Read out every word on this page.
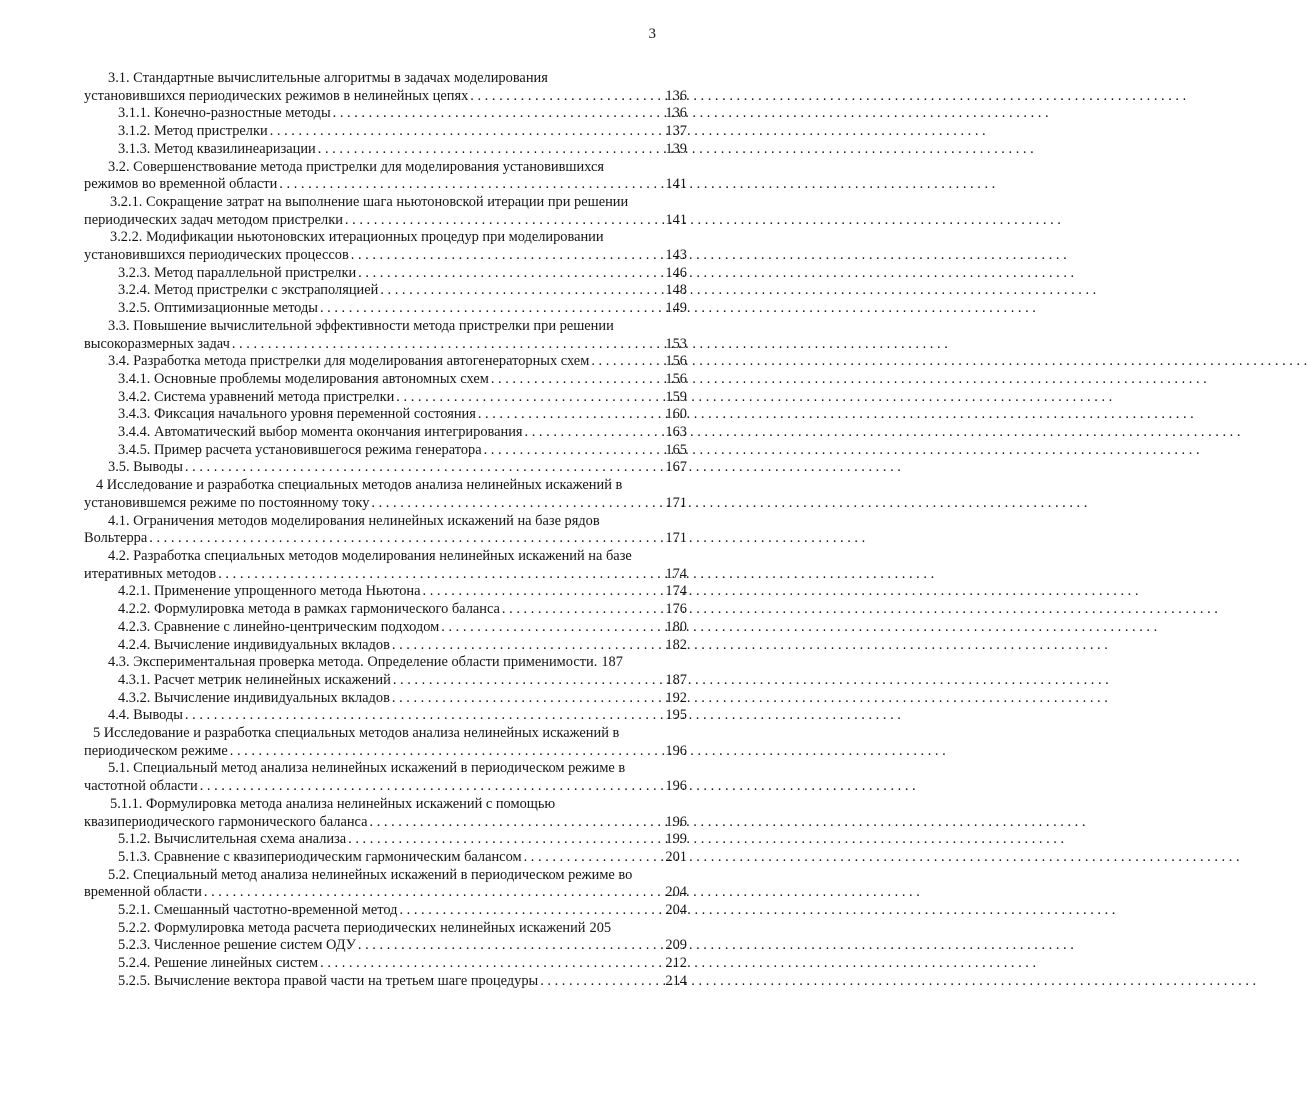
3
3.1. Стандартные вычислительные алгоритмы в задачах моделирования
установившихся периодических режимов в нелинейных цепях . . .	136
3.1.1. Конечно-разностные методы . . .	136
3.1.2. Метод пристрелки . . .	137
3.1.3. Метод квазилинеаризации . . .	139
3.2. Совершенствование метода пристрелки для моделирования установившихся
режимов во временной области . . .	141
3.2.1. Сокращение затрат на выполнение шага ньютоновской итерации при решении
периодических задач методом пристрелки . . .	141
3.2.2. Модификации ньютоновских итерационных процедур при моделировании
установившихся периодических процессов . . .	143
3.2.3. Метод параллельной пристрелки . . .	146
3.2.4. Метод пристрелки с экстраполяцией . . .	148
3.2.5. Оптимизационные методы . . .	149
3.3. Повышение вычислительной эффективности метода пристрелки при решении
высокоразмерных задач . . .	153
3.4. Разработка метода пристрелки для моделирования автогенераторных схем . . .	156
3.4.1. Основные проблемы моделирования автономных схем . . .	156
3.4.2. Система уравнений метода пристрелки . . .	159
3.4.3. Фиксация начального уровня переменной состояния . . .	160
3.4.4. Автоматический выбор момента окончания интегрирования . . .	163
3.4.5. Пример расчета установившегося режима генератора . . .	165
3.5. Выводы . . .	167
4 Исследование и разработка специальных методов анализа нелинейных искажений в
установившемся режиме по постоянному току . . .	171
4.1. Ограничения методов моделирования нелинейных искажений на базе рядов
Вольтерра . . .	171
4.2. Разработка специальных методов моделирования нелинейных искажений на базе
итеративных методов . . .	174
4.2.1. Применение упрощенного метода Ньютона . . .	174
4.2.2. Формулировка метода в рамках гармонического баланса . . .	176
4.2.3. Сравнение с линейно-центрическим подходом . . .	180
4.2.4. Вычисление индивидуальных вкладов . . .	182
4.3. Экспериментальная проверка метода. Определение области применимости. 187
4.3.1. Расчет метрик нелинейных искажений . . .	187
4.3.2. Вычисление индивидуальных вкладов . . .	192
4.4. Выводы . . .	195
5 Исследование и разработка специальных методов анализа нелинейных искажений в
периодическом режиме . . .	196
5.1. Специальный метод анализа нелинейных искажений в периодическом режиме в
частотной области . . .	196
5.1.1. Формулировка метода анализа нелинейных искажений с помощью
квазипериодического гармонического баланса . . .	196
5.1.2. Вычислительная схема анализа . . .	199
5.1.3. Сравнение с квазипериодическим гармоническим балансом . . .	201
5.2. Специальный метод анализа нелинейных искажений в периодическом режиме во
временной области . . .	204
5.2.1. Смешанный частотно-временной метод . . .	204
5.2.2. Формулировка метода расчета периодических нелинейных искажений 205
5.2.3. Численное решение систем ОДУ . . .	209
5.2.4. Решение линейных систем . . .	212
5.2.5. Вычисление вектора правой части на третьем шаге процедуры . . .	214
